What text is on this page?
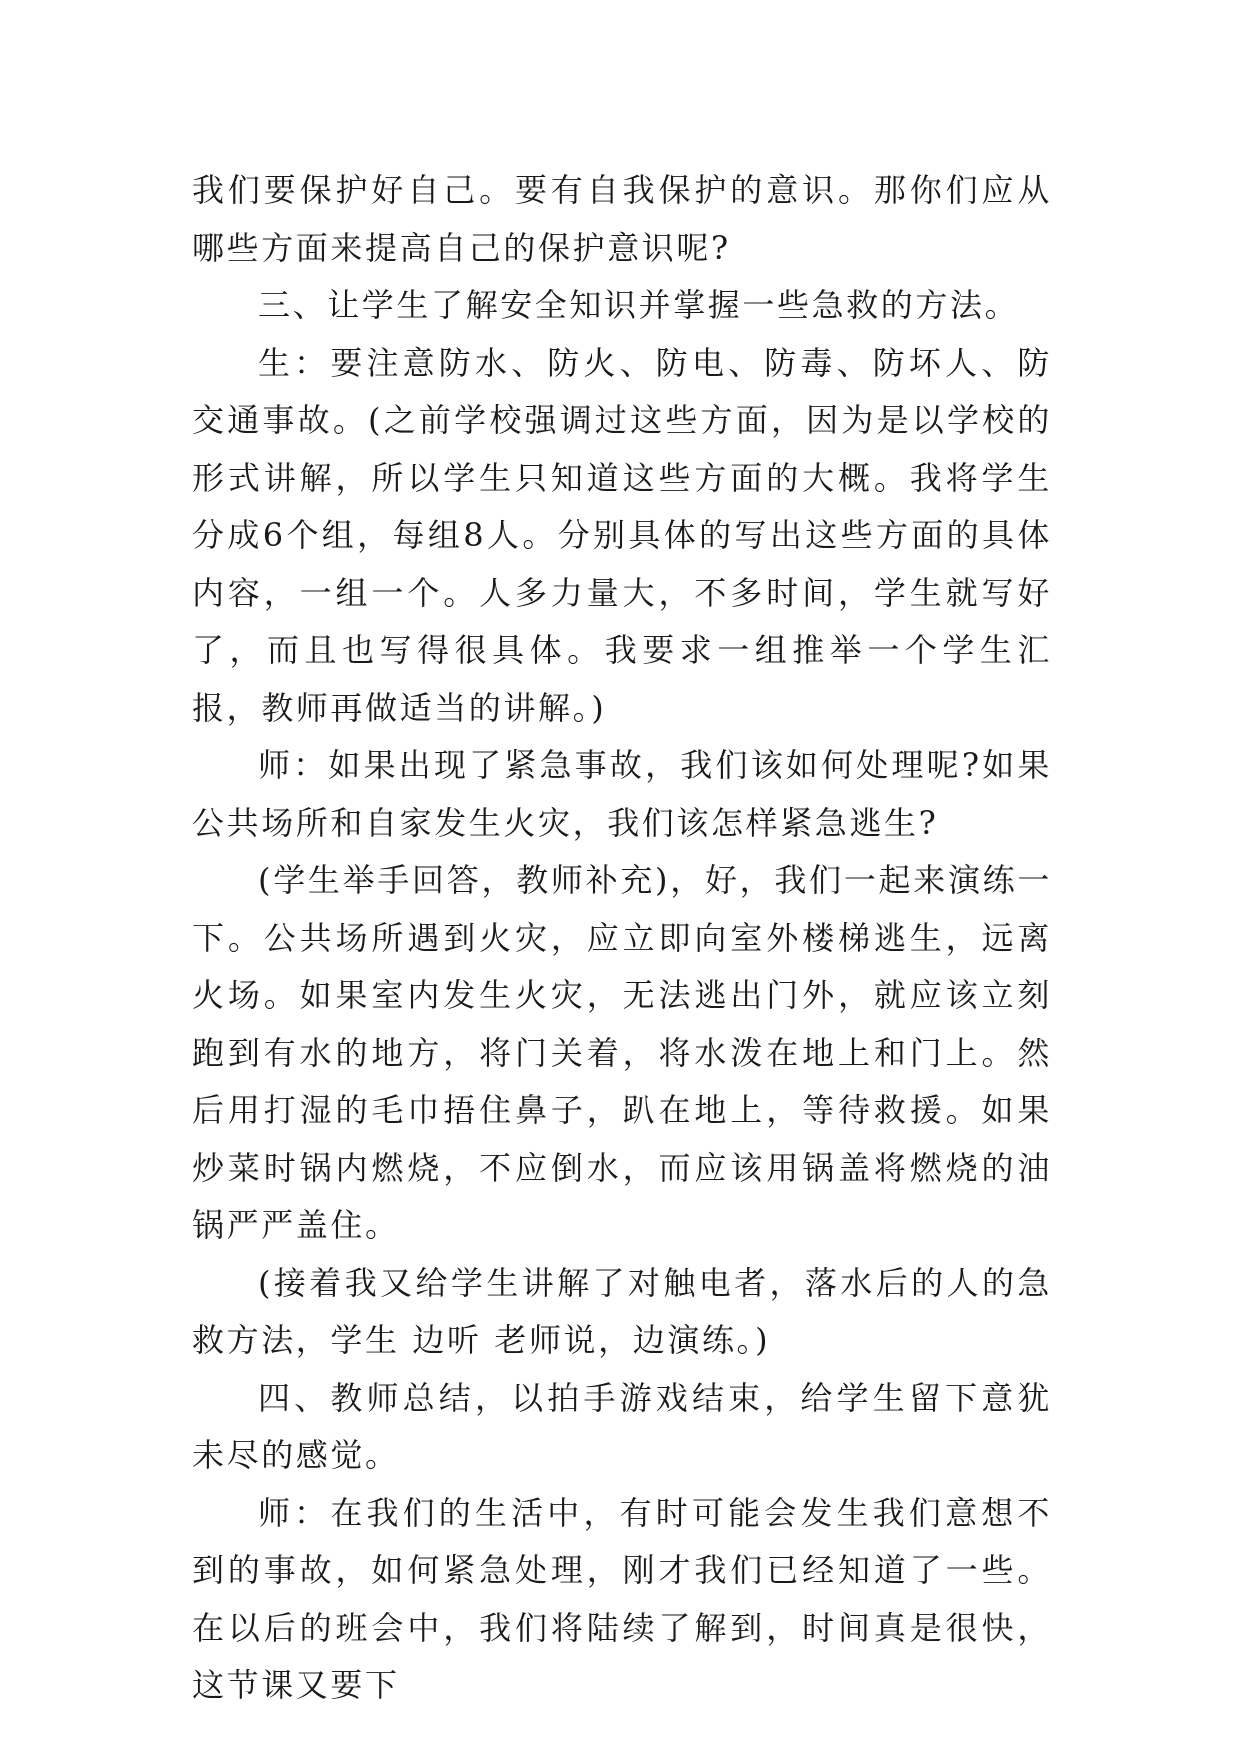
我们要保护好自己。要有自我保护的意识。那你们应从哪些方面来提高自己的保护意识呢?

三、让学生了解安全知识并掌握一些急救的方法。

生：要注意防水、防火、防电、防毒、防坏人、防交通事故。(之前学校强调过这些方面，因为是以学校的形式讲解，所以学生只知道这些方面的大概。我将学生分成6个组，每组8人。分别具体的写出这些方面的具体内容，一组一个。人多力量大，不多时间，学生就写好了，而且也写得很具体。我要求一组推举一个学生汇报，教师再做适当的讲解。)

师：如果出现了紧急事故，我们该如何处理呢?如果公共场所和自家发生火灾，我们该怎样紧急逃生?

(学生举手回答，教师补充)，好，我们一起来演练一下。公共场所遇到火灾，应立即向室外楼梯逃生，远离火场。如果室内发生火灾，无法逃出门外，就应该立刻跑到有水的地方，将门关着，将水泼在地上和门上。然后用打湿的毛巾捂住鼻子，趴在地上，等待救援。如果炒菜时锅内燃烧，不应倒水，而应该用锅盖将燃烧的油锅严严盖住。

(接着我又给学生讲解了对触电者，落水后的人的急救方法，学生 边听 老师说，边演练。)

四、教师总结，以拍手游戏结束，给学生留下意犹未尽的感觉。

师：在我们的生活中，有时可能会发生我们意想不到的事故，如何紧急处理，刚才我们已经知道了一些。在以后的班会中，我们将陆续了解到，时间真是很快，这节课又要下
